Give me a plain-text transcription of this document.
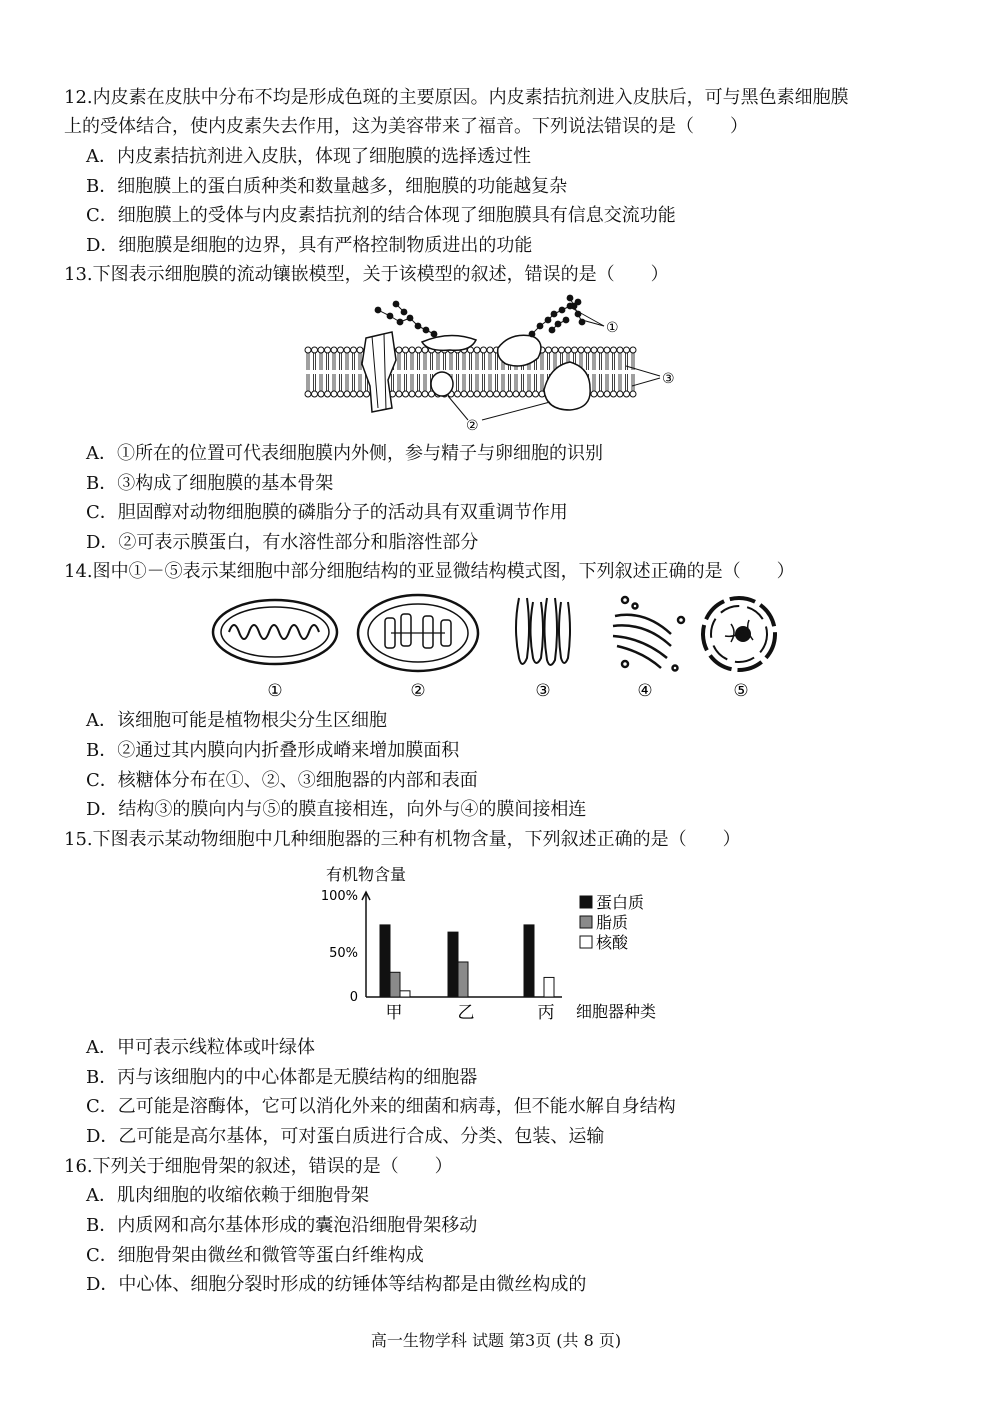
12.内皮素在皮肤中分布不均是形成色斑的主要原因。内皮素拮抗剂进入皮肤后，可与黑色素细胞膜
上的受体结合，使内皮素失去作用，这为美容带来了福音。下列说法错误的是（　　）
A．内皮素拮抗剂进入皮肤，体现了细胞膜的选择透过性
B．细胞膜上的蛋白质种类和数量越多，细胞膜的功能越复杂
C．细胞膜上的受体与内皮素拮抗剂的结合体现了细胞膜具有信息交流功能
D．细胞膜是细胞的边界，具有严格控制物质进出的功能
13.下图表示细胞膜的流动镶嵌模型，关于该模型的叙述，错误的是（　　）
①
③
②
A．①所在的位置可代表细胞膜内外侧，参与精子与卵细胞的识别
B．③构成了细胞膜的基本骨架
C．胆固醇对动物细胞膜的磷脂分子的活动具有双重调节作用
D．②可表示膜蛋白，有水溶性部分和脂溶性部分
14.图中①－⑤表示某细胞中部分细胞结构的亚显微结构模式图，下列叙述正确的是（　　）
①	②	③	④	⑤
A．该细胞可能是植物根尖分生区细胞
B．②通过其内膜向内折叠形成嵴来增加膜面积
C．核糖体分布在①、②、③细胞器的内部和表面
D．结构③的膜向内与⑤的膜直接相连，向外与④的膜间接相连
15.下图表示某动物细胞中几种细胞器的三种有机物含量，下列叙述正确的是（　　）
有机物含量
0
50%
100%
甲	乙	丙 细胞器种类
蛋白质
脂质
核酸
A．甲可表示线粒体或叶绿体
B．丙与该细胞内的中心体都是无膜结构的细胞器
C．乙可能是溶酶体，它可以消化外来的细菌和病毒，但不能水解自身结构
D．乙可能是高尔基体，可对蛋白质进行合成、分类、包装、运输
16.下列关于细胞骨架的叙述，错误的是（　　）
A．肌肉细胞的收缩依赖于细胞骨架
B．内质网和高尔基体形成的囊泡沿细胞骨架移动
C．细胞骨架由微丝和微管等蛋白纤维构成
D．中心体、细胞分裂时形成的纺锤体等结构都是由微丝构成的
高一生物学科 试题 第3页 (共 8 页)
